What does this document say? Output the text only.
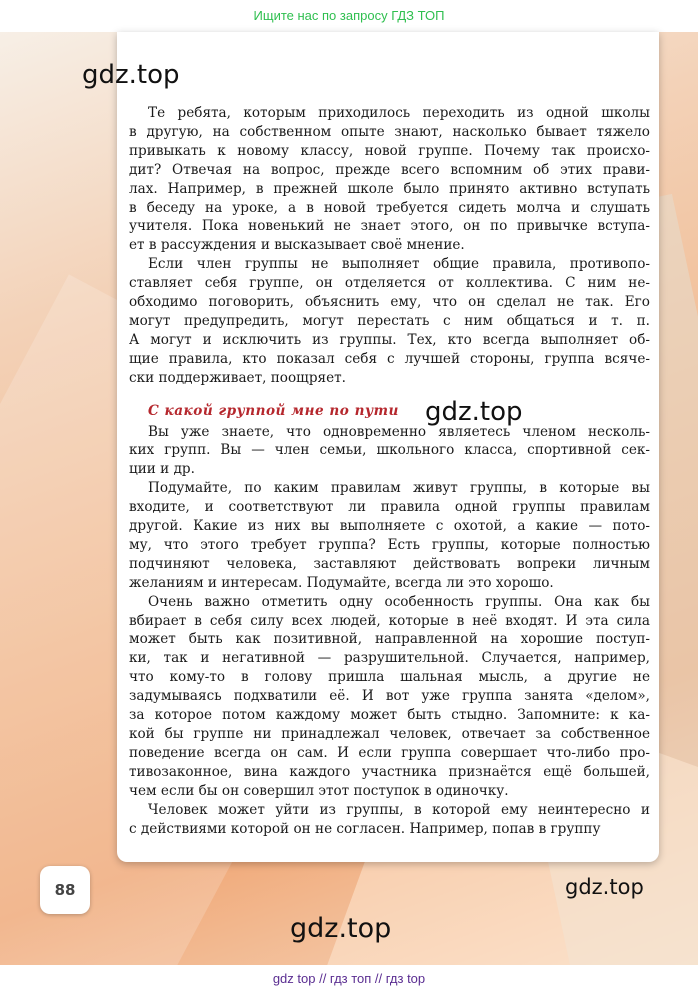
Ищите нас по запросу ГДЗ ТОП

Те ребята, которым приходилось переходить из одной школы
в другую, на собственном опыте знают, насколько бывает тяжело
привыкать к новому классу, новой группе. Почему так происхо-
дит? Отвечая на вопрос, прежде всего вспомним об этих прави-
лах. Например, в прежней школе было принято активно вступать
в беседу на уроке, а в новой требуется сидеть молча и слушать
учителя. Пока новенький не знает этого, он по привычке вступа-
ет в рассуждения и высказывает своё мнение.

Если член группы не выполняет общие правила, противопо-
ставляет себя группе, он отделяется от коллектива. С ним не-
обходимо поговорить, объяснить ему, что он сделал не так. Его
могут предупредить, могут перестать с ним общаться и т. п.
А могут и исключить из группы. Тех, кто всегда выполняет об-
щие правила, кто показал себя с лучшей стороны, группа всяче-
ски поддерживает, поощряет.

С какой группой мне по пути

Вы уже знаете, что одновременно являетесь членом несколь-
ких групп. Вы — член семьи, школьного класса, спортивной сек-
ции и др.

Подумайте, по каким правилам живут группы, в которые вы
входите, и соответствуют ли правила одной группы правилам
другой. Какие из них вы выполняете с охотой, а какие — пото-
му, что этого требует группа? Есть группы, которые полностью
подчиняют человека, заставляют действовать вопреки личным
желаниям и интересам. Подумайте, всегда ли это хорошо.

Очень важно отметить одну особенность группы. Она как бы
вбирает в себя силу всех людей, которые в неё входят. И эта сила
может быть как позитивной, направленной на хорошие поступ-
ки, так и негативной — разрушительной. Случается, например,
что кому-то в голову пришла шальная мысль, а другие не
задумываясь подхватили её. И вот уже группа занята «делом»,
за которое потом каждому может быть стыдно. Запомните: к ка-
кой бы группе ни принадлежал человек, отвечает за собственное
поведение всегда он сам. И если группа совершает что-либо про-
тивозаконное, вина каждого участника признаётся ещё большей,
чем если бы он совершил этот поступок в одиночку.

Человек может уйти из группы, в которой ему неинтересно и
с действиями которой он не согласен. Например, попав в группу

gdz.top
gdz.top
gdz.top
gdz.top
88
gdz top // гдз топ // гдз top
